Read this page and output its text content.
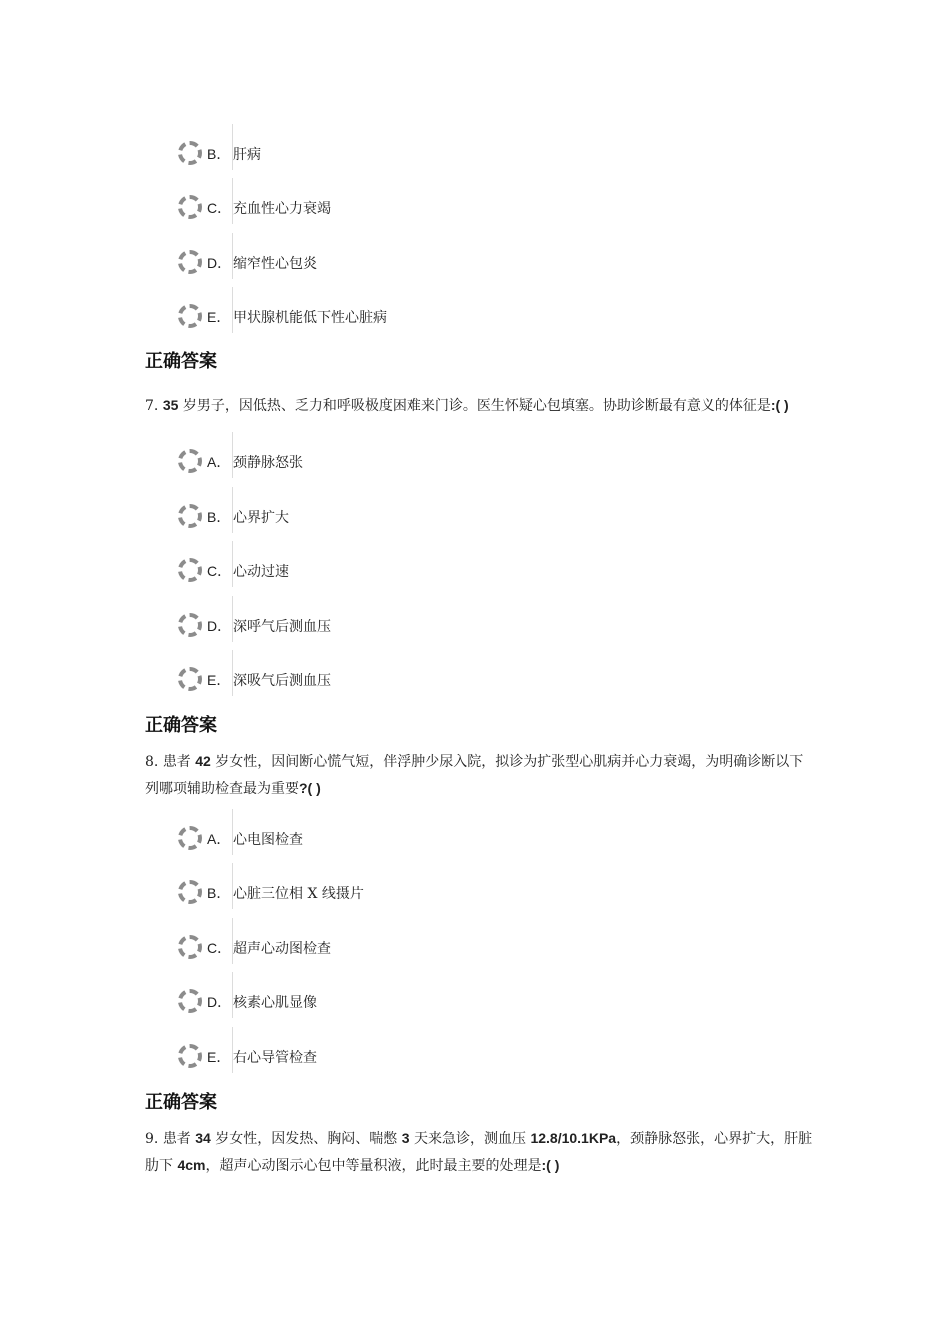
B． 肝病
C． 充血性心力衰竭
D． 缩窄性心包炎
E． 甲状腺机能低下性心脏病
正确答案
7. 35 岁男子，因低热、乏力和呼吸极度困难来门诊。医生怀疑心包填塞。协助诊断最有意义的体征是:( )
A． 颈静脉怒张
B． 心界扩大
C． 心动过速
D． 深呼气后测血压
E． 深吸气后测血压
正确答案
8. 患者 42 岁女性，因间断心慌气短，伴浮肿少尿入院，拟诊为扩张型心肌病并心力衰竭，为明确诊断以下列哪项辅助检查最为重要?( )
A． 心电图检查
B． 心脏三位相 X 线摄片
C． 超声心动图检查
D． 核素心肌显像
E． 右心导管检查
正确答案
9. 患者 34 岁女性，因发热、胸闷、喘憋 3 天来急诊，测血压 12.8/10.1KPa，颈静脉怒张，心界扩大，肝脏肋下 4cm，超声心动图示心包中等量积液，此时最主要的处理是:( )
